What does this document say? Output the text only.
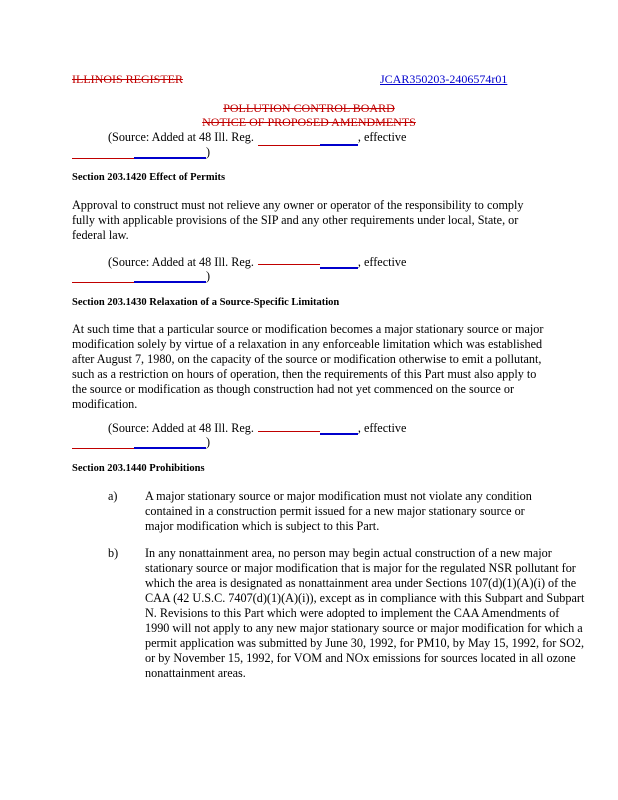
ILLINOIS REGISTER	JCAR350203-2406574r01
POLLUTION CONTROL BOARD
NOTICE OF PROPOSED AMENDMENTS
(Source: Added at 48 Ill. Reg.	, effective
)
Section 203.1420 Effect of Permits
Approval to construct must not relieve any owner or operator of the responsibility to comply fully with applicable provisions of the SIP and any other requirements under local, State, or federal law.
(Source: Added at 48 Ill. Reg.	, effective
)
Section 203.1430 Relaxation of a Source-Specific Limitation
At such time that a particular source or modification becomes a major stationary source or major modification solely by virtue of a relaxation in any enforceable limitation which was established after August 7, 1980, on the capacity of the source or modification otherwise to emit a pollutant, such as a restriction on hours of operation, then the requirements of this Part must also apply to the source or modification as though construction had not yet commenced on the source or modification.
(Source: Added at 48 Ill. Reg.	, effective
)
Section 203.1440 Prohibitions
a) A major stationary source or major modification must not violate any condition contained in a construction permit issued for a new major stationary source or major modification which is subject to this Part.
b) In any nonattainment area, no person may begin actual construction of a new major stationary source or major modification that is major for the regulated NSR pollutant for which the area is designated as nonattainment area under Sections 107(d)(1)(A)(i) of the CAA (42 U.S.C. 7407(d)(1)(A)(i)), except as in compliance with this Subpart and Subpart N. Revisions to this Part which were adopted to implement the CAA Amendments of 1990 will not apply to any new major stationary source or major modification for which a permit application was submitted by June 30, 1992, for PM10, by May 15, 1992, for SO2, or by November 15, 1992, for VOM and NOx emissions for sources located in all ozone nonattainment areas.
